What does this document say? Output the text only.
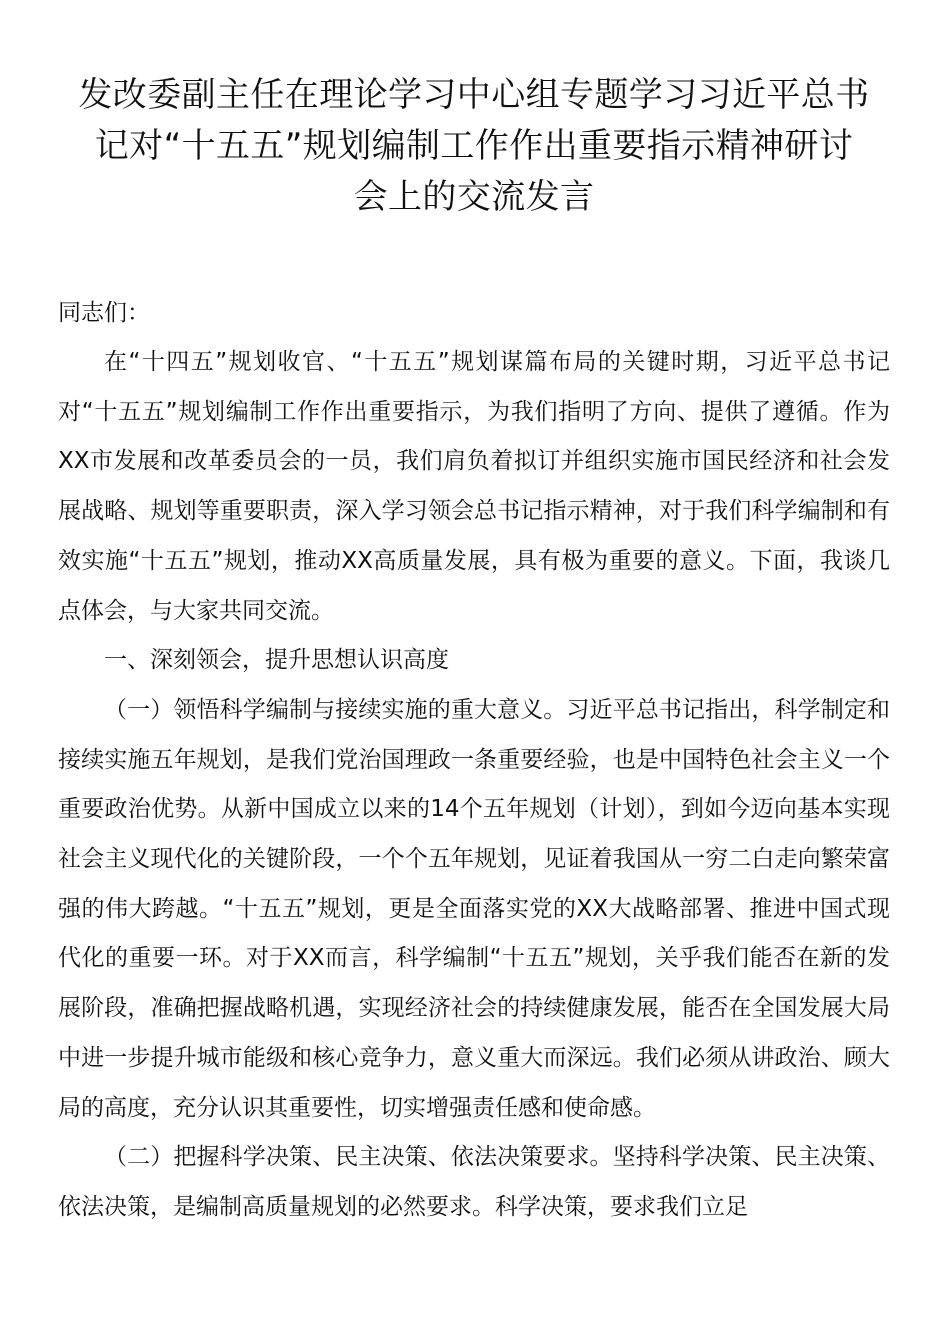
发改委副主任在理论学习中心组专题学习习近平总书
记对“十五五”规划编制工作作出重要指示精神研讨
会上的交流发言

同志们：

在“十四五”规划收官、“十五五”规划谋篇布局的关键时期，习近平总书记对“十五五”规划编制工作作出重要指示，为我们指明了方向、提供了遵循。作为XX市发展和改革委员会的一员，我们肩负着拟订并组织实施市国民经济和社会发展战略、规划等重要职责，深入学习领会总书记指示精神，对于我们科学编制和有效实施“十五五”规划，推动XX高质量发展，具有极为重要的意义。下面，我谈几点体会，与大家共同交流。

一、深刻领会，提升思想认识高度

（一）领悟科学编制与接续实施的重大意义。习近平总书记指出，科学制定和接续实施五年规划，是我们党治国理政一条重要经验，也是中国特色社会主义一个重要政治优势。从新中国成立以来的14个五年规划（计划），到如今迈向基本实现社会主义现代化的关键阶段，一个个五年规划，见证着我国从一穷二白走向繁荣富强的伟大跨越。“十五五”规划，更是全面落实党的XX大战略部署、推进中国式现代化的重要一环。对于XX而言，科学编制“十五五”规划，关乎我们能否在新的发展阶段，准确把握战略机遇，实现经济社会的持续健康发展，能否在全国发展大局中进一步提升城市能级和核心竞争力，意义重大而深远。我们必须从讲政治、顾大局的高度，充分认识其重要性，切实增强责任感和使命感。

（二）把握科学决策、民主决策、依法决策要求。坚持科学决策、民主决策、依法决策，是编制高质量规划的必然要求。科学决策，要求我们立足
